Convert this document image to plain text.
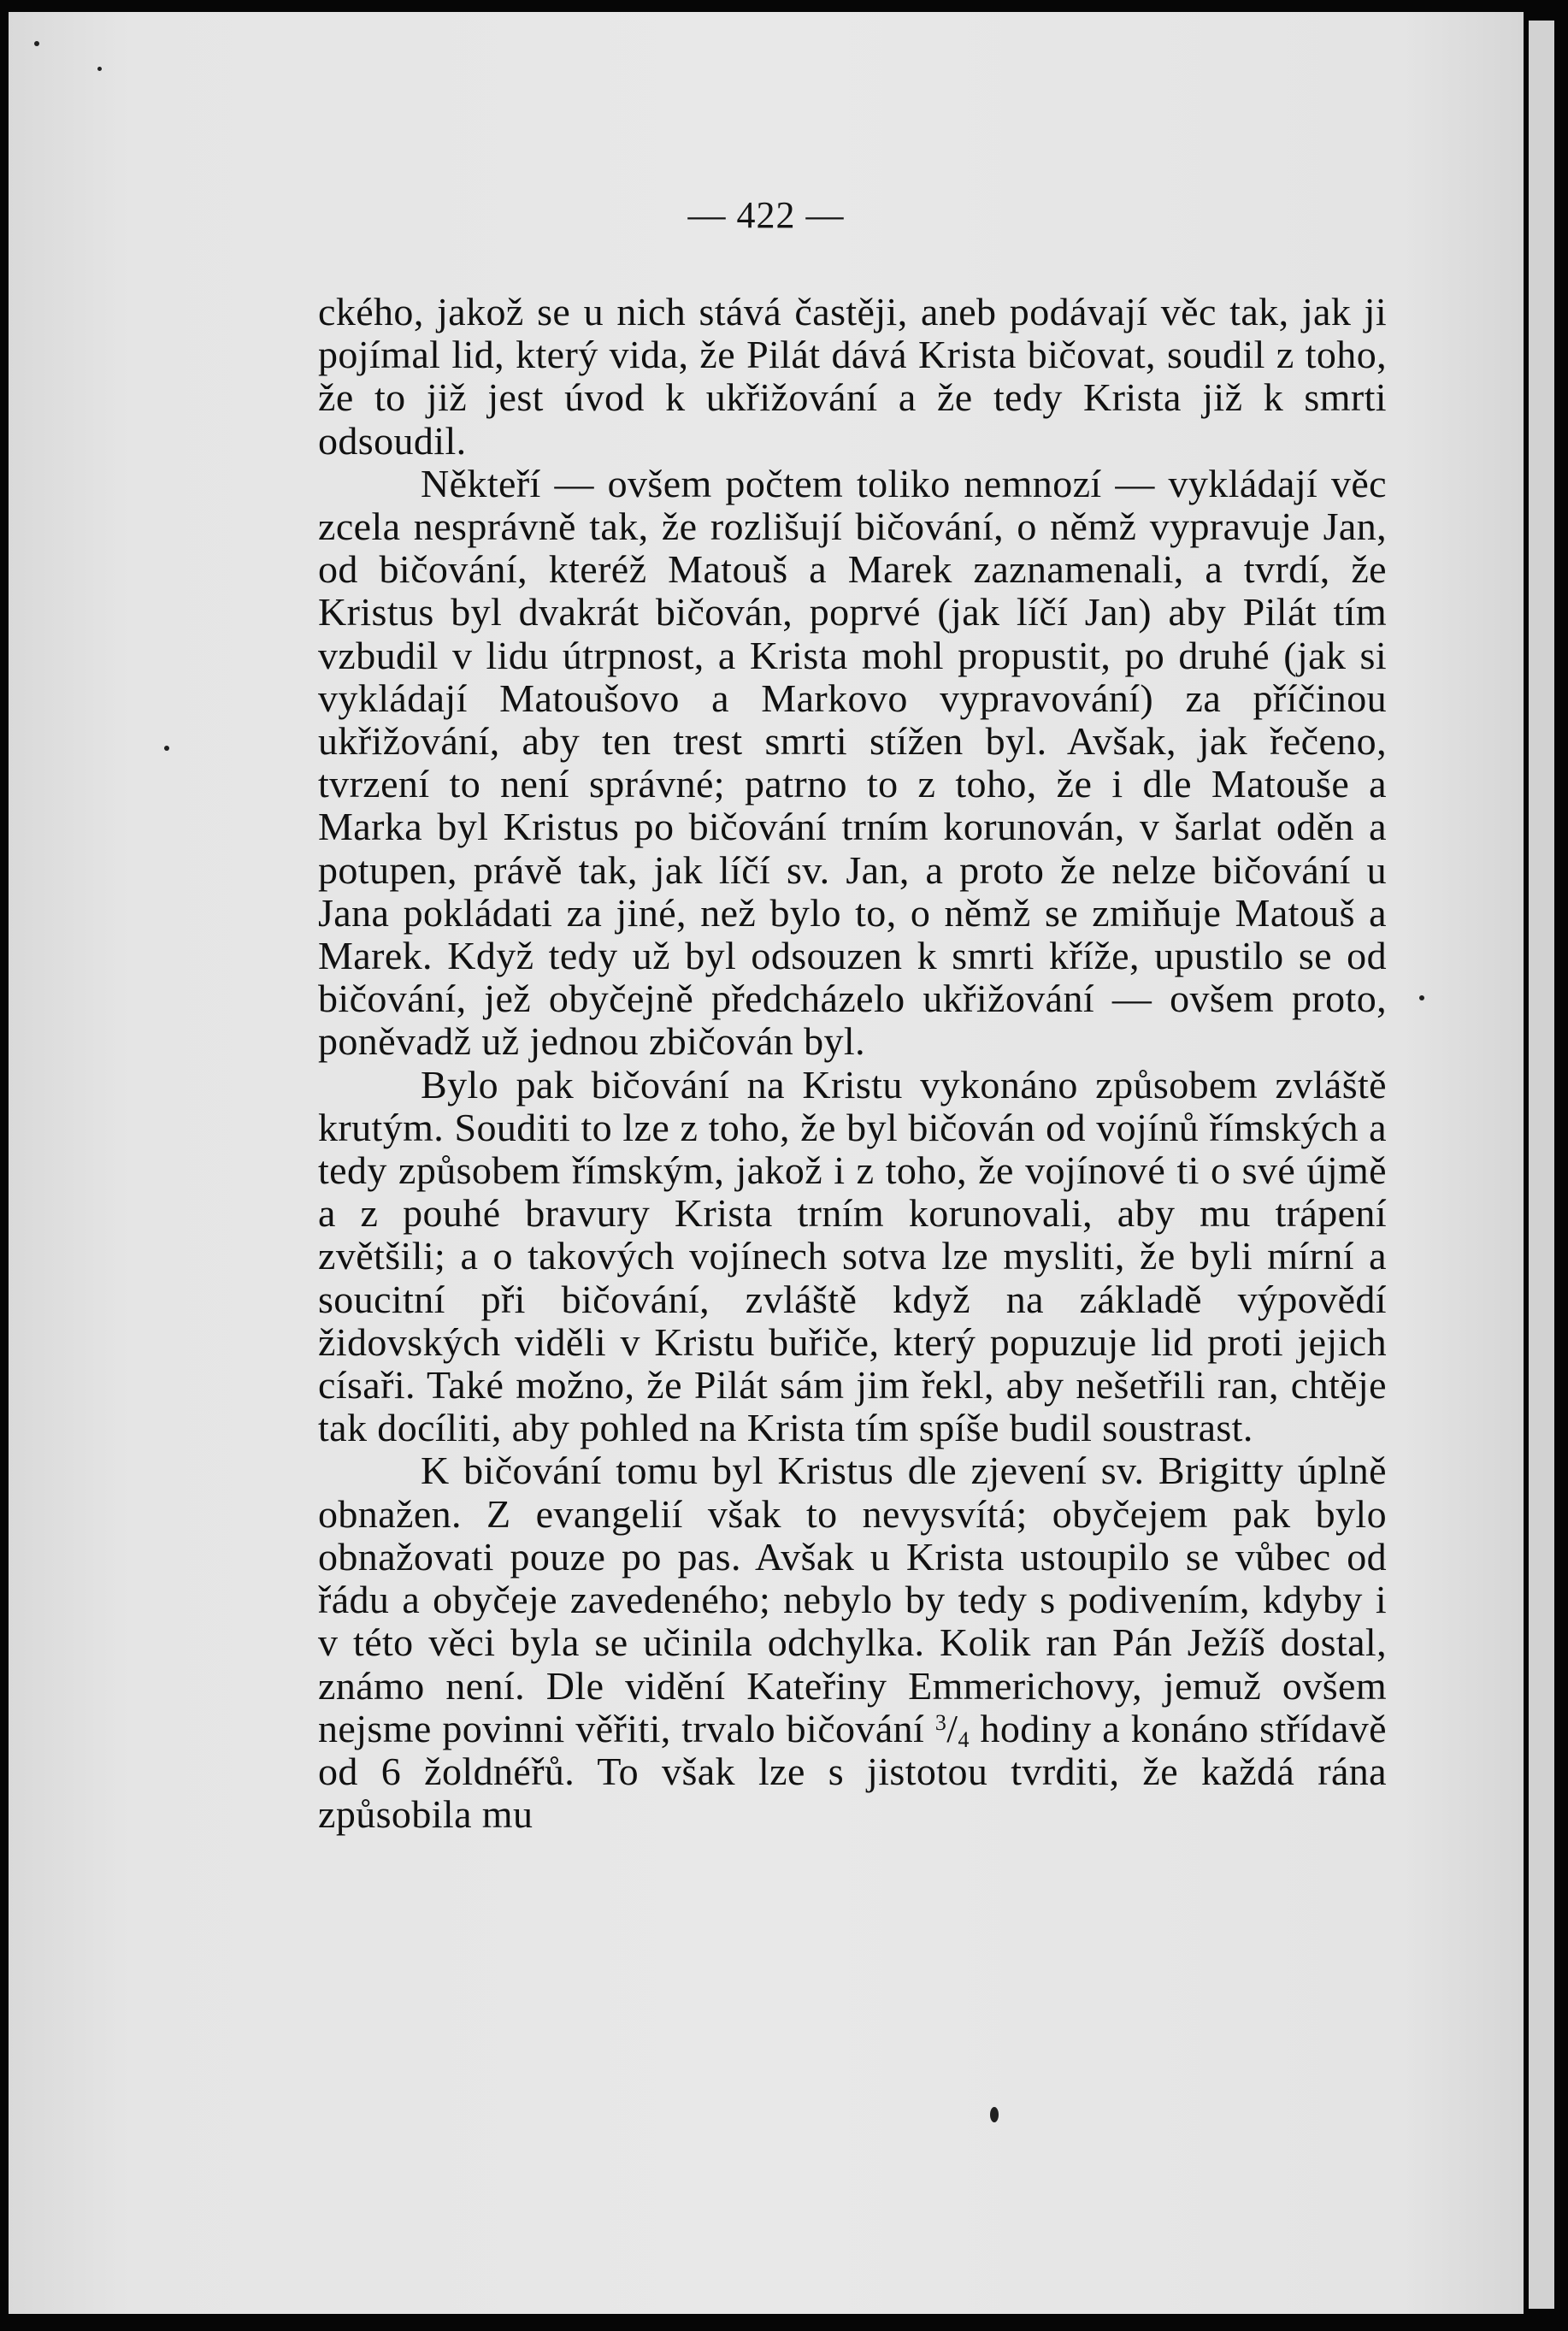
— 422 —

ckého, jakož se u nich stává častěji, aneb podávají věc tak, jak ji pojímal lid, který vida, že Pilát dává Krista bičovat, soudil z toho, že to již jest úvod k ukřižování a že tedy Krista již k smrti odsoudil.

Někteří — ovšem počtem toliko nemnozí — vykládají věc zcela nesprávně tak, že rozlišují bičování, o němž vypravuje Jan, od bičování, kteréž Matouš a Marek zaznamenali, a tvrdí, že Kristus byl dvakrát bičován, poprvé (jak líčí Jan) aby Pilát tím vzbudil v lidu útrpnost, a Krista mohl propustit, po druhé (jak si vykládají Matoušovo a Markovo vypravování) za příčinou ukřižování, aby ten trest smrti stížen byl. Avšak, jak řečeno, tvrzení to není správné; patrno to z toho, že i dle Matouše a Marka byl Kristus po bičování trním korunován, v šarlat oděn a potupen, právě tak, jak líčí sv. Jan, a proto že nelze bičování u Jana pokládati za jiné, než bylo to, o němž se zmiňuje Matouš a Marek. Když tedy už byl odsouzen k smrti kříže, upustilo se od bičování, jež obyčejně předcházelo ukřižování — ovšem proto, poněvadž už jednou zbičován byl.

Bylo pak bičování na Kristu vykonáno způsobem zvláště krutým. Souditi to lze z toho, že byl bičován od vojínů římských a tedy způsobem římským, jakož i z toho, že vojínové ti o své újmě a z pouhé bravury Krista trním korunovali, aby mu trápení zvětšili; a o takových vojínech sotva lze mysliti, že byli mírní a soucitní při bičování, zvláště když na základě výpovědí židovských viděli v Kristu buřiče, který popuzuje lid proti jejich císaři. Také možno, že Pilát sám jim řekl, aby nešetřili ran, chtěje tak docíliti, aby pohled na Krista tím spíše budil soustrast.

K bičování tomu byl Kristus dle zjevení sv. Brigitty úplně obnažen. Z evangelií však to nevysvítá; obyčejem pak bylo obnažovati pouze po pas. Avšak u Krista ustoupilo se vůbec od řádu a obyčeje zavedeného; nebylo by tedy s podivením, kdyby i v této věci byla se učinila odchylka. Kolik ran Pán Ježíš dostal, známo není. Dle vidění Kateřiny Emmerichovy, jemuž ovšem nejsme povinni věřiti, trvalo bičování $^3/_4$ hodiny a konáno střídavě od 6 žoldnéřů. To však lze s jistotou tvrditi, že každá rána způsobila mu
